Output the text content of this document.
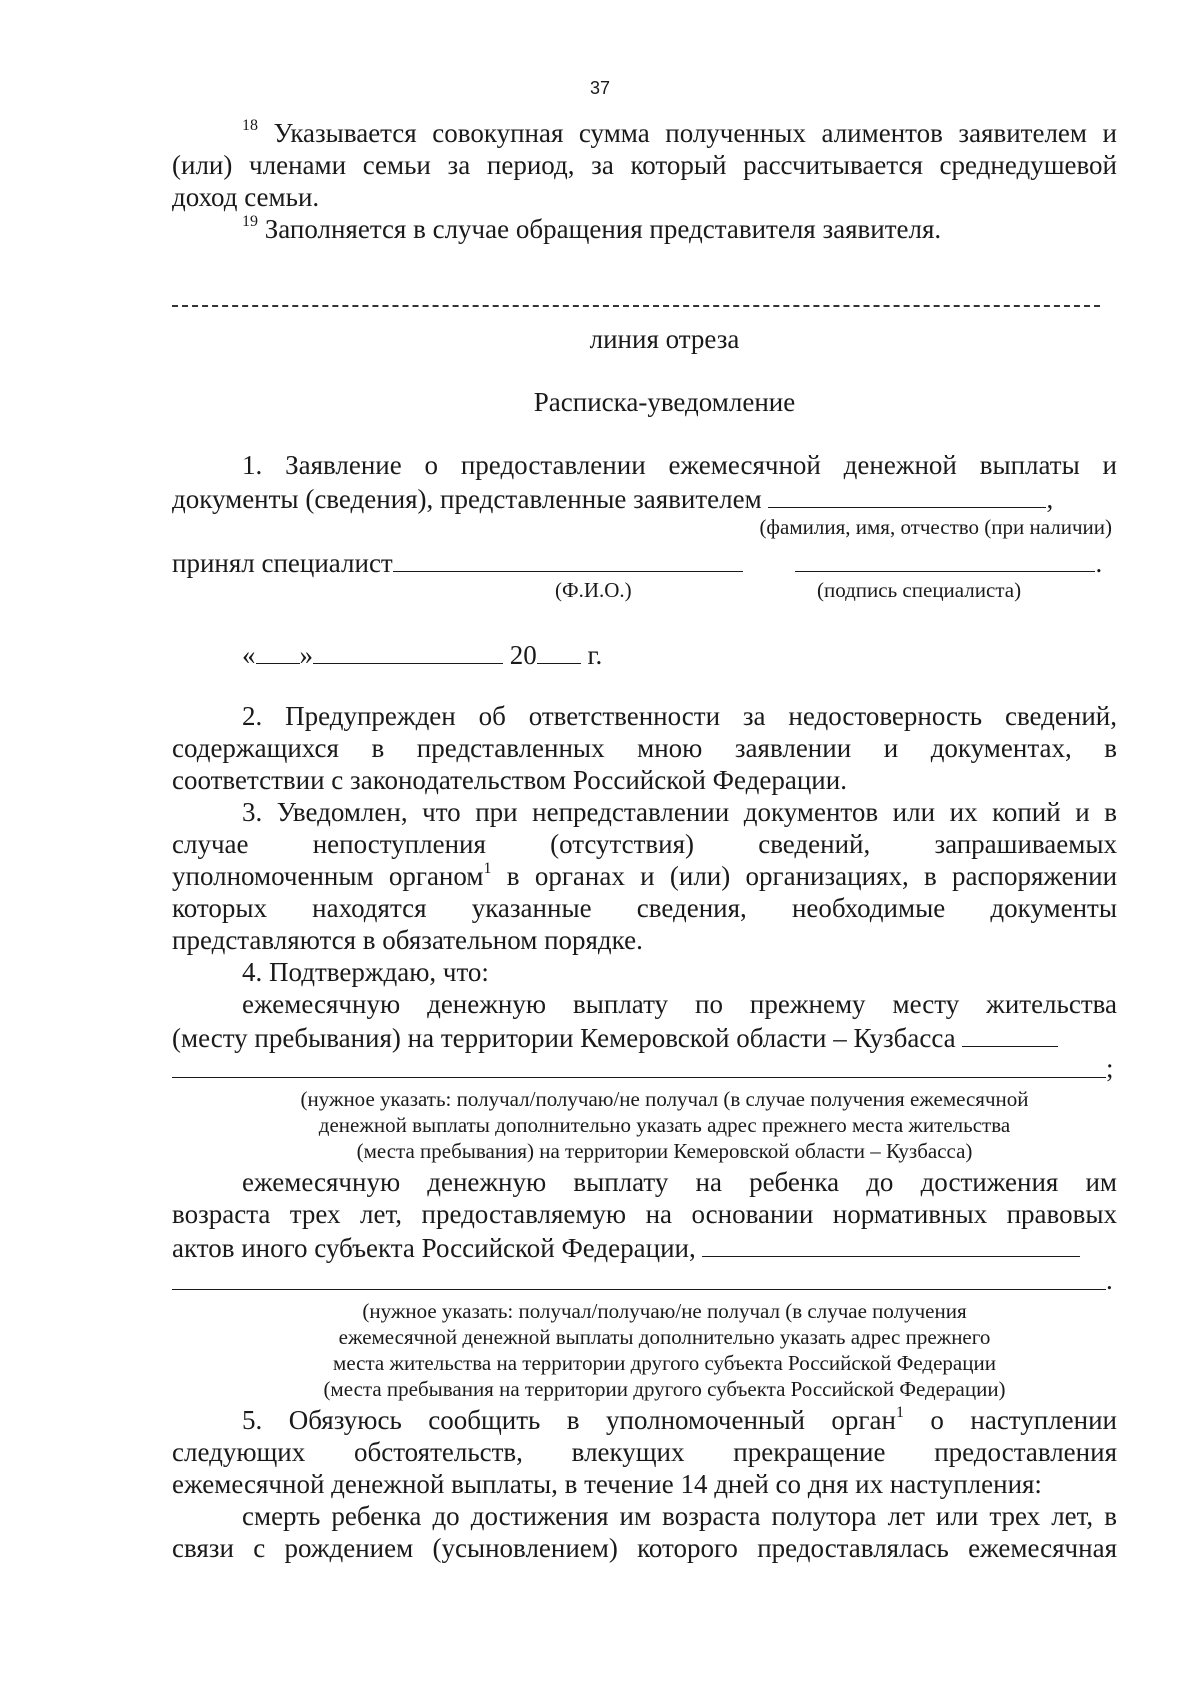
37
$^{18}$ Указывается совокупная сумма полученных алиментов заявителем и
(или) членами семьи за период, за который рассчитывается среднедушевой
доход семьи.
$^{19}$ Заполняется в случае обращения представителя заявителя.
линия отреза
Расписка-уведомление
1. Заявление о предоставлении ежемесячной денежной выплаты и
документы (сведения), представленные заявителем	,
(фамилия, имя, отчество (при наличии)
принял специалист	.
(Ф.И.О.)	(подпись специалиста)
« »	20 г.
2. Предупрежден об ответственности за недостоверность сведений,
содержащихся в представленных мною заявлении и документах, в
соответствии с законодательством Российской Федерации.
3. Уведомлен, что при непредставлении документов или их копий и в
случае непоступления (отсутствия) сведений, запрашиваемых
уполномоченным органом$^1$ в органах и (или) организациях, в распоряжении
которых находятся указанные сведения, необходимые документы
представляются в обязательном порядке.
4. Подтверждаю, что:
ежемесячную денежную выплату по прежнему месту жительства
(месту пребывания) на территории Кемеровской области – Кузбасса
;
(нужное указать: получал/получаю/не получал (в случае получения ежемесячной
денежной выплаты дополнительно указать адрес прежнего места жительства
(места пребывания) на территории Кемеровской области – Кузбасса)
ежемесячную денежную выплату на ребенка до достижения им
возраста трех лет, предоставляемую на основании нормативных правовых
актов иного субъекта Российской Федерации,
.
(нужное указать: получал/получаю/не получал (в случае получения
ежемесячной денежной выплаты дополнительно указать адрес прежнего
места жительства на территории другого субъекта Российской Федерации
(места пребывания на территории другого субъекта Российской Федерации)
5. Обязуюсь сообщить в уполномоченный орган$^1$ о наступлении
следующих обстоятельств, влекущих прекращение предоставления
ежемесячной денежной выплаты, в течение 14 дней со дня их наступления:
смерть ребенка до достижения им возраста полутора лет или трех лет, в
связи с рождением (усыновлением) которого предоставлялась ежемесячная
